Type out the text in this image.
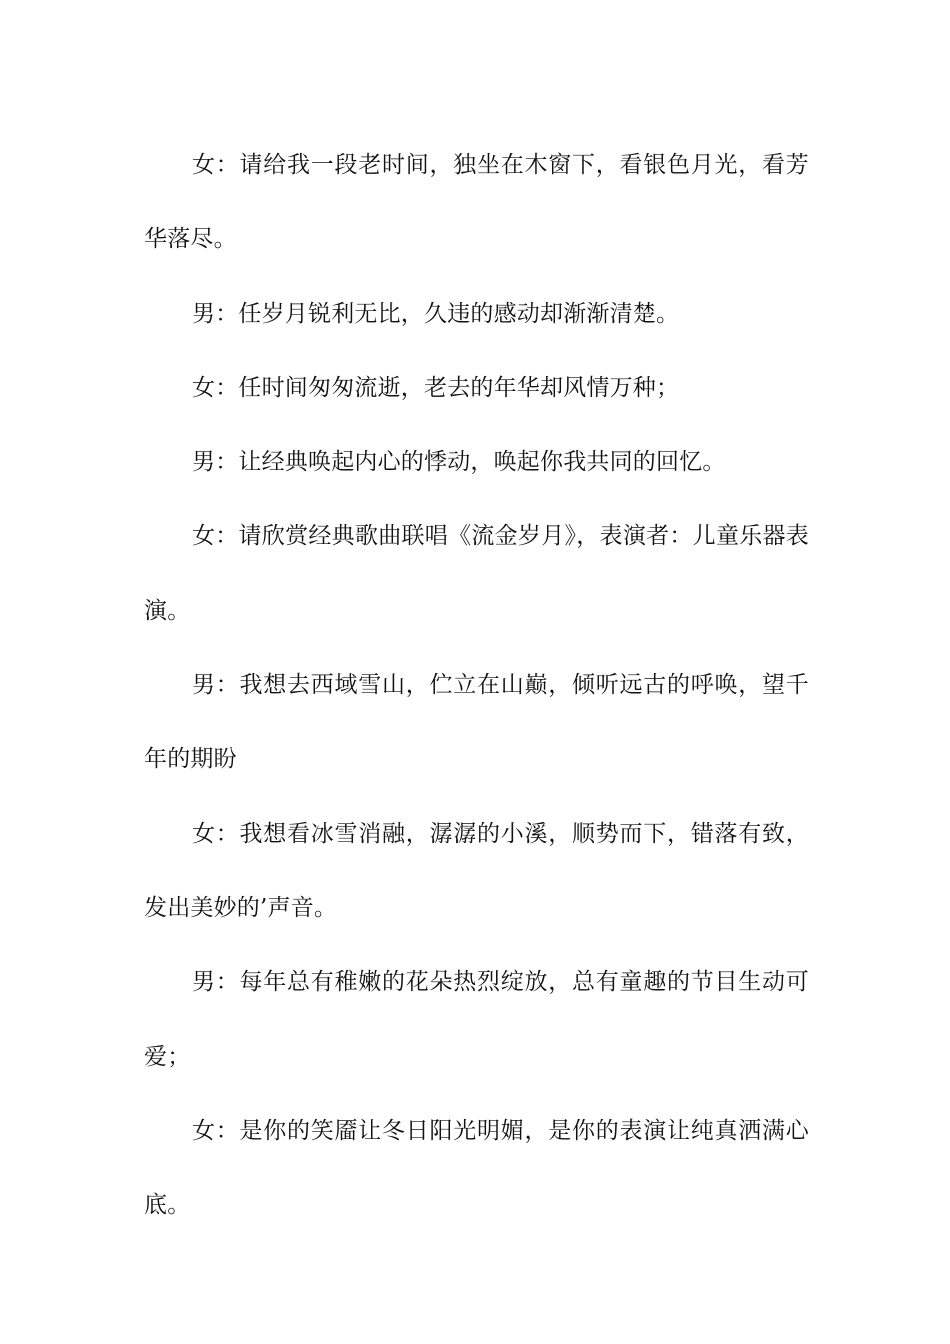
女：请给我一段老时间，独坐在木窗下，看银色月光，看芳华落尽。

男：任岁月锐利无比，久违的感动却渐渐清楚。

女：任时间匆匆流逝，老去的年华却风情万种；

男：让经典唤起内心的悸动，唤起你我共同的回忆。

女：请欣赏经典歌曲联唱《流金岁月》，表演者：儿童乐器表演。

男：我想去西域雪山，伫立在山巅，倾听远古的呼唤，望千年的期盼

女：我想看冰雪消融，潺潺的小溪，顺势而下，错落有致，发出美妙的’声音。

男：每年总有稚嫩的花朵热烈绽放，总有童趣的节目生动可爱；

女：是你的笑靥让冬日阳光明媚，是你的表演让纯真洒满心底。
